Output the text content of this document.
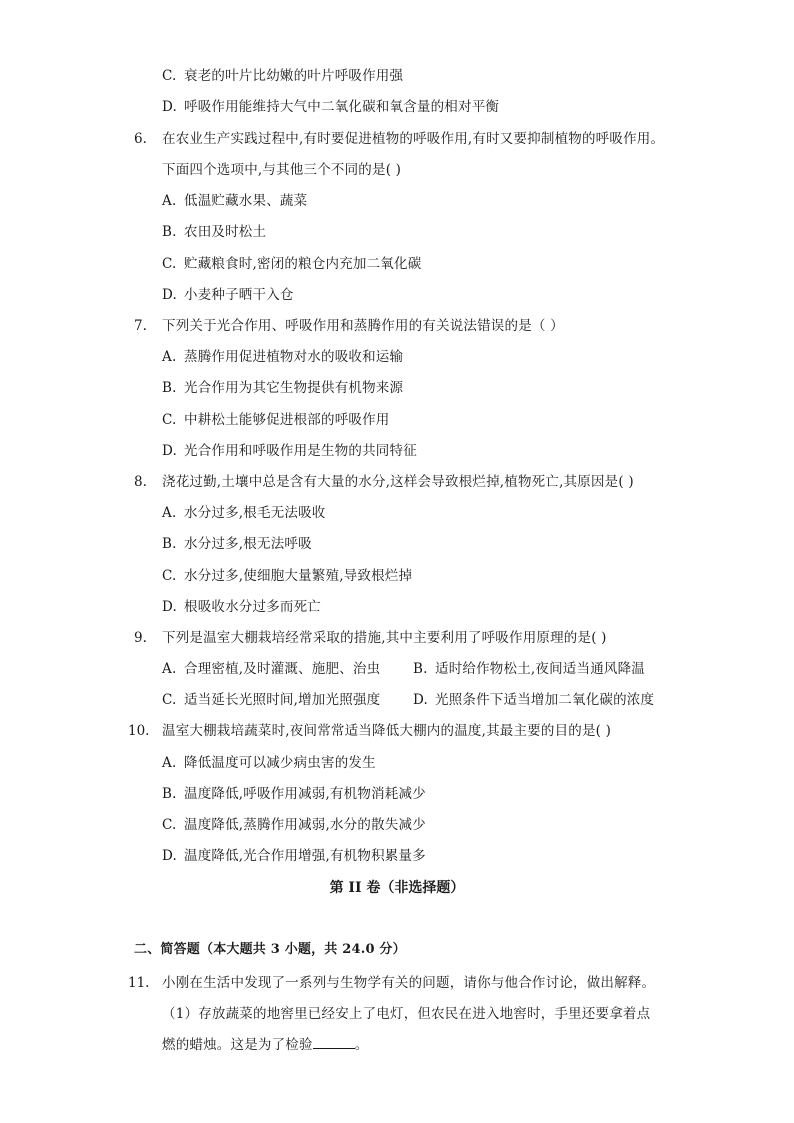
C. 衰老的叶片比幼嫩的叶片呼吸作用强
D. 呼吸作用能维持大气中二氧化碳和氧含量的相对平衡
6. 在农业生产实践过程中,有时要促进植物的呼吸作用,有时又要抑制植物的呼吸作用。
下面四个选项中,与其他三个不同的是( )
A. 低温贮藏水果、蔬菜
B. 农田及时松土
C. 贮藏粮食时,密闭的粮仓内充加二氧化碳
D. 小麦种子晒干入仓
7. 下列关于光合作用、呼吸作用和蒸腾作用的有关说法错误的是（ ）
A. 蒸腾作用促进植物对水的吸收和运输
B. 光合作用为其它生物提供有机物来源
C. 中耕松土能够促进根部的呼吸作用
D. 光合作用和呼吸作用是生物的共同特征
8. 浇花过勤,土壤中总是含有大量的水分,这样会导致根烂掉,植物死亡,其原因是( )
A. 水分过多,根毛无法吸收
B. 水分过多,根无法呼吸
C. 水分过多,使细胞大量繁殖,导致根烂掉
D. 根吸收水分过多而死亡
9. 下列是温室大棚栽培经常采取的措施,其中主要利用了呼吸作用原理的是( )
A. 合理密植,及时灌溉、施肥、治虫 B. 适时给作物松土,夜间适当通风降温
C. 适当延长光照时间,增加光照强度 D. 光照条件下适当增加二氧化碳的浓度
10. 温室大棚栽培蔬菜时,夜间常常适当降低大棚内的温度,其最主要的目的是( )
A. 降低温度可以减少病虫害的发生
B. 温度降低,呼吸作用减弱,有机物消耗减少
C. 温度降低,蒸腾作用减弱,水分的散失减少
D. 温度降低,光合作用增强,有机物积累量多
第 II 卷（非选择题）
二、简答题（本大题共 3 小题，共 24.0 分）
11. 小刚在生活中发现了一系列与生物学有关的问题，请你与他合作讨论，做出解释。
（1）存放蔬菜的地窖里已经安上了电灯，但农民在进入地窖时，手里还要拿着点
燃的蜡烛。这是为了检验	。
